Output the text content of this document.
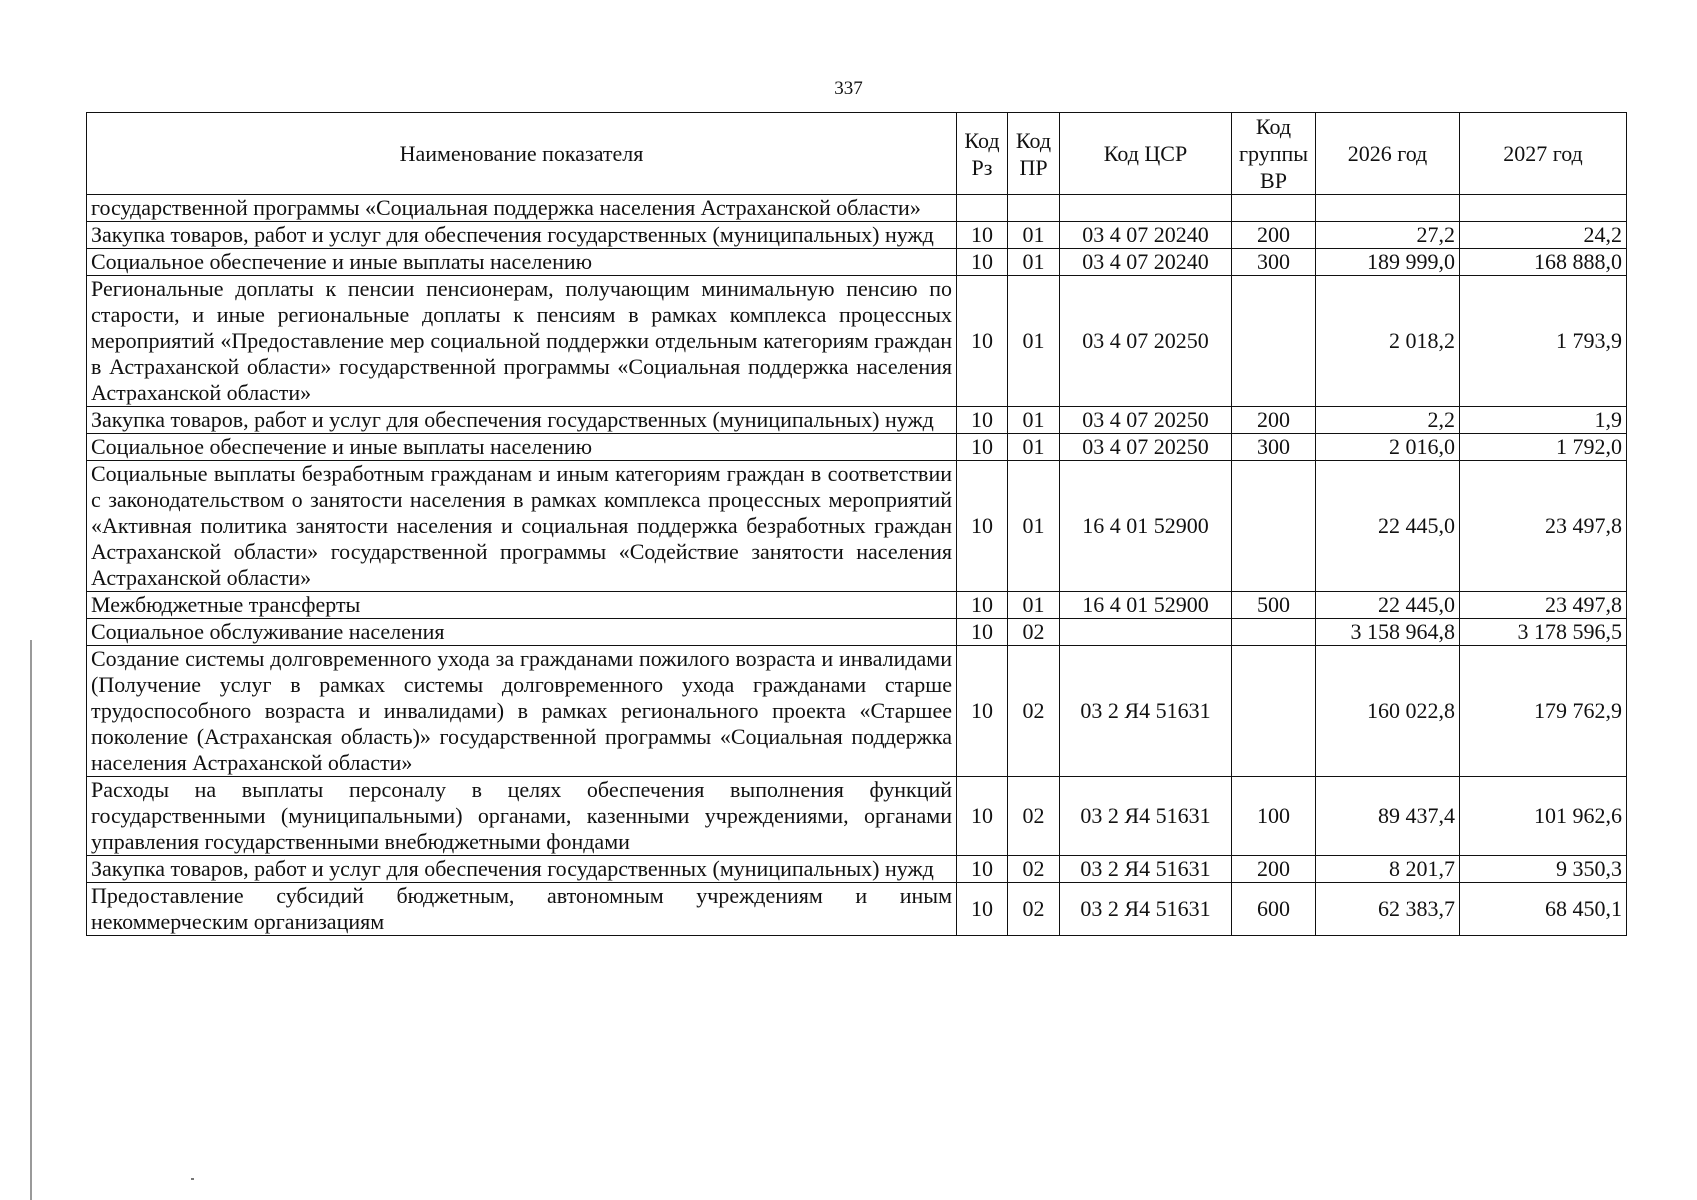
337
Наименование показателя	Код Рз	Код ПР	Код ЦСР	Код группы ВР	2026 год	2027 год
государственной программы «Социальная поддержка населения Астраханской области»						
Закупка товаров, работ и услуг для обеспечения государственных (муниципальных) нужд	10	01	03 4 07 20240	200	27,2	24,2
Социальное обеспечение и иные выплаты населению	10	01	03 4 07 20240	300	189 999,0	168 888,0
Региональные доплаты к пенсии пенсионерам, получающим минимальную пенсию по старости, и иные региональные доплаты к пенсиям в рамках комплекса процессных мероприятий «Предоставление мер социальной поддержки отдельным категориям граждан в Астраханской области» государственной программы «Социальная поддержка населения Астраханской области»	10	01	03 4 07 20250		2 018,2	1 793,9
Закупка товаров, работ и услуг для обеспечения государственных (муниципальных) нужд	10	01	03 4 07 20250	200	2,2	1,9
Социальное обеспечение и иные выплаты населению	10	01	03 4 07 20250	300	2 016,0	1 792,0
Социальные выплаты безработным гражданам и иным категориям граждан в соответствии с законодательством о занятости населения в рамках комплекса процессных мероприятий «Активная политика занятости населения и социальная поддержка безработных граждан Астраханской области» государственной программы «Содействие занятости населения Астраханской области»	10	01	16 4 01 52900		22 445,0	23 497,8
Межбюджетные трансферты	10	01	16 4 01 52900	500	22 445,0	23 497,8
Социальное обслуживание населения	10	02			3 158 964,8	3 178 596,5
Создание системы долговременного ухода за гражданами пожилого возраста и инвалидами (Получение услуг в рамках системы долговременного ухода гражданами старше трудоспособного возраста и инвалидами) в рамках регионального проекта «Старшее поколение (Астраханская область)» государственной программы «Социальная поддержка населения Астраханской области»	10	02	03 2 Я4 51631		160 022,8	179 762,9
Расходы на выплаты персоналу в целях обеспечения выполнения функций государственными (муниципальными) органами, казенными учреждениями, органами управления государственными внебюджетными фондами	10	02	03 2 Я4 51631	100	89 437,4	101 962,6
Закупка товаров, работ и услуг для обеспечения государственных (муниципальных) нужд	10	02	03 2 Я4 51631	200	8 201,7	9 350,3
Предоставление субсидий бюджетным, автономным учреждениям и иным некоммерческим организациям	10	02	03 2 Я4 51631	600	62 383,7	68 450,1
